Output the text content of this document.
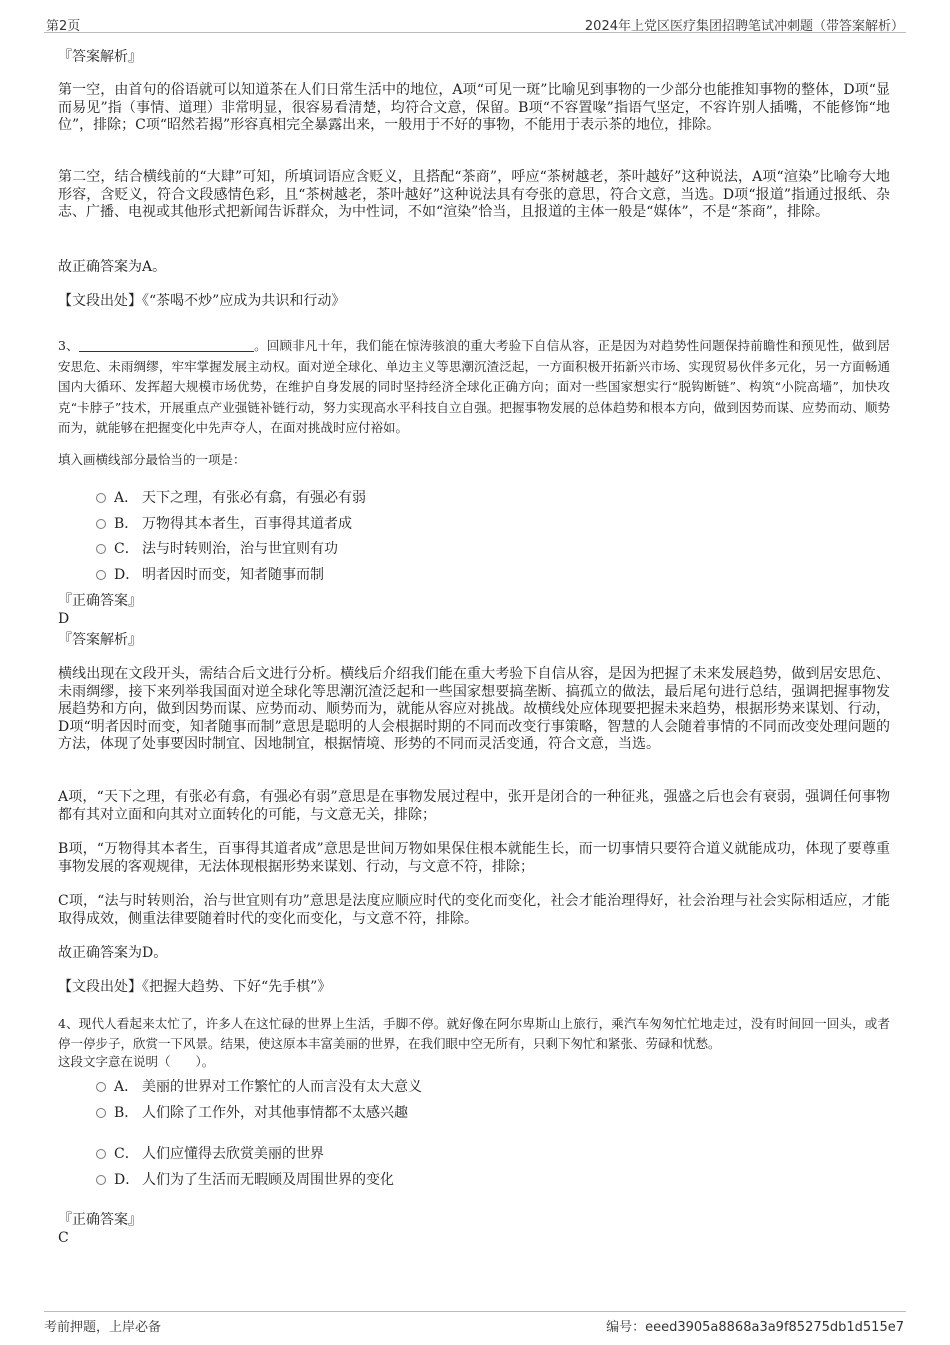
第2页	2024年上党区医疗集团招聘笔试冲刺题（带答案解析）
『答案解析』
第一空，由首句的俗语就可以知道茶在人们日常生活中的地位，A项“可见一斑”比喻见到事物的一少部分也能推知事物的整体，D项“显而易见”指（事情、道理）非常明显，很容易看清楚，均符合文意，保留。B项“不容置喙”指语气坚定，不容许别人插嘴，不能修饰“地位”，排除；C项“昭然若揭”形容真相完全暴露出来，一般用于不好的事物，不能用于表示茶的地位，排除。
第二空，结合横线前的“大肆”可知，所填词语应含贬义，且搭配“茶商”，呼应“茶树越老，茶叶越好”这种说法，A项“渲染”比喻夸大地形容，含贬义，符合文段感情色彩，且“茶树越老，茶叶越好”这种说法具有夸张的意思，符合文意，当选。D项“报道”指通过报纸、杂志、广播、电视或其他形式把新闻告诉群众，为中性词，不如“渲染”恰当，且报道的主体一般是“媒体”，不是“茶商”，排除。
故正确答案为A。
【文段出处】《“茶喝不炒”应成为共识和行动》
3、	。回顾非凡十年，我们能在惊涛骇浪的重大考验下自信从容，正是因为对趋势性问题保持前瞻性和预见性，做到居安思危、未雨绸缪，牢牢掌握发展主动权。面对逆全球化、单边主义等思潮沉渣泛起，一方面积极开拓新兴市场、实现贸易伙伴多元化，另一方面畅通国内大循环、发挥超大规模市场优势，在维护自身发展的同时坚持经济全球化正确方向；面对一些国家想实行“脱钩断链”、构筑“小院高墙”，加快攻克“卡脖子”技术，开展重点产业强链补链行动，努力实现高水平科技自立自强。把握事物发展的总体趋势和根本方向，做到因势而谋、应势而动、顺势而为，就能够在把握变化中先声夺人，在面对挑战时应付裕如。
填入画横线部分最恰当的一项是：
A． 天下之理，有张必有翕，有强必有弱
B． 万物得其本者生，百事得其道者成
C． 法与时转则治，治与世宜则有功
D． 明者因时而变，知者随事而制
『正确答案』
D
『答案解析』
横线出现在文段开头，需结合后文进行分析。横线后介绍我们能在重大考验下自信从容，是因为把握了未来发展趋势，做到居安思危、未雨绸缪，接下来列举我国面对逆全球化等思潮沉渣泛起和一些国家想要搞垄断、搞孤立的做法，最后尾句进行总结，强调把握事物发展趋势和方向，做到因势而谋、应势而动、顺势而为，就能从容应对挑战。故横线处应体现要把握未来趋势，根据形势来谋划、行动，D项“明者因时而变，知者随事而制”意思是聪明的人会根据时期的不同而改变行事策略，智慧的人会随着事情的不同而改变处理问题的方法，体现了处事要因时制宜、因地制宜，根据情境、形势的不同而灵活变通，符合文意，当选。
A项，“天下之理，有张必有翕，有强必有弱”意思是在事物发展过程中，张开是闭合的一种征兆，强盛之后也会有衰弱，强调任何事物都有其对立面和向其对立面转化的可能，与文意无关，排除；
B项，“万物得其本者生，百事得其道者成”意思是世间万物如果保住根本就能生长，而一切事情只要符合道义就能成功，体现了要尊重事物发展的客观规律，无法体现根据形势来谋划、行动，与文意不符，排除；
C项，“法与时转则治，治与世宜则有功”意思是法度应顺应时代的变化而变化，社会才能治理得好，社会治理与社会实际相适应，才能取得成效，侧重法律要随着时代的变化而变化，与文意不符，排除。
故正确答案为D。
【文段出处】《把握大趋势、下好“先手棋”》
4、现代人看起来太忙了，许多人在这忙碌的世界上生活，手脚不停。就好像在阿尔卑斯山上旅行，乘汽车匆匆忙忙地走过，没有时间回一回头，或者停一停步子，欣赏一下风景。结果，使这原本丰富美丽的世界，在我们眼中空无所有，只剩下匆忙和紧张、劳碌和忧愁。
这段文字意在说明（　　）。
A． 美丽的世界对工作繁忙的人而言没有太大意义
B． 人们除了工作外，对其他事情都不太感兴趣
C． 人们应懂得去欣赏美丽的世界
D． 人们为了生活而无暇顾及周围世界的变化
『正确答案』
C
考前押题，上岸必备	编号：eeed3905a8868a3a9f85275db1d515e7
